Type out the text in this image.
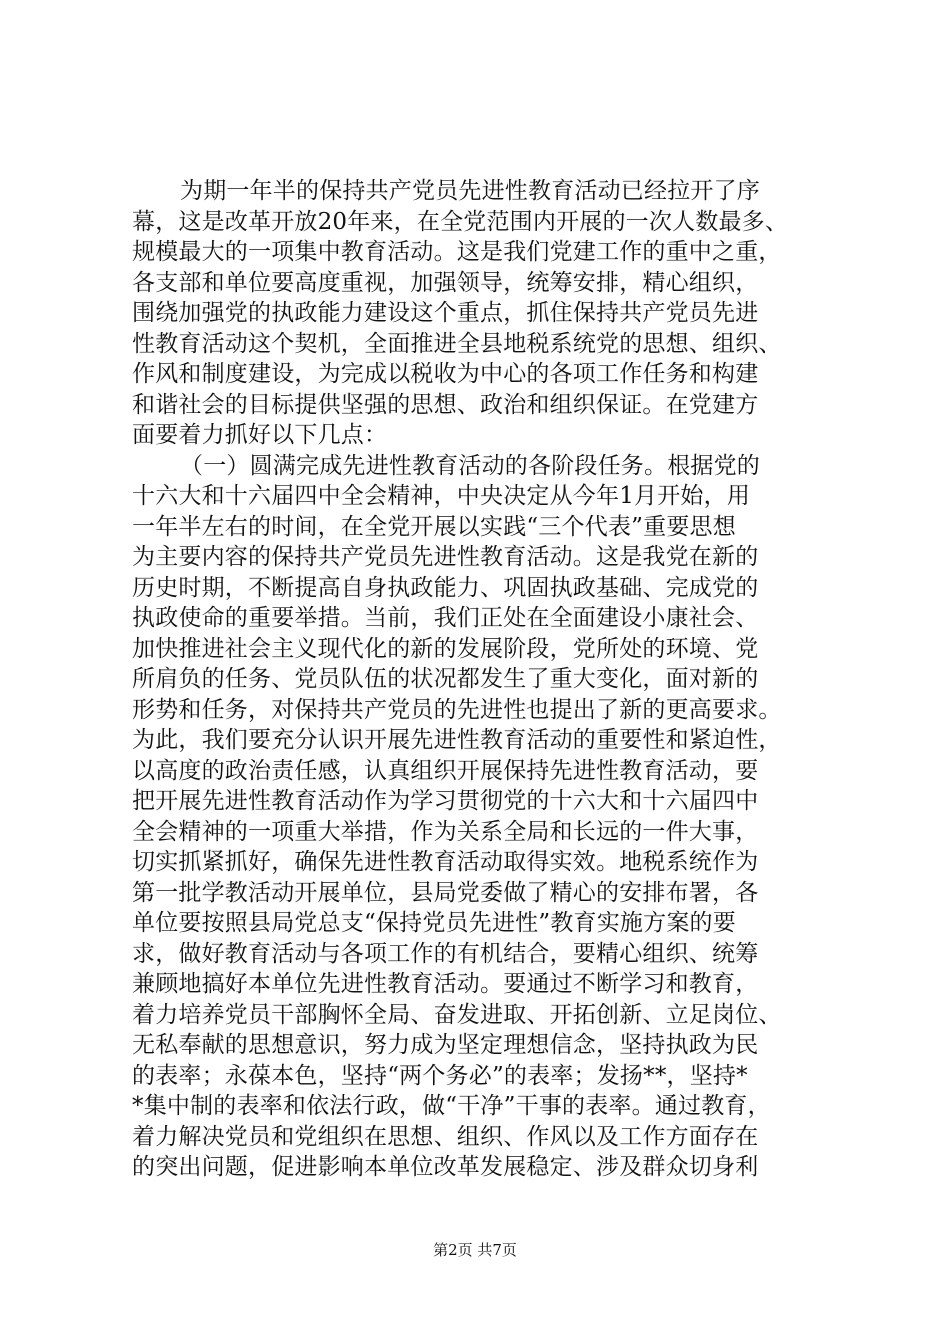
为期一年半的保持共产党员先进性教育活动已经拉开了序
幕，这是改革开放20年来，在全党范围内开展的一次人数最多、
规模最大的一项集中教育活动。这是我们党建工作的重中之重，
各支部和单位要高度重视，加强领导，统筹安排，精心组织，
围绕加强党的执政能力建设这个重点，抓住保持共产党员先进
性教育活动这个契机，全面推进全县地税系统党的思想、组织、
作风和制度建设，为完成以税收为中心的各项工作任务和构建
和谐社会的目标提供坚强的思想、政治和组织保证。在党建方
面要着力抓好以下几点：
（一）圆满完成先进性教育活动的各阶段任务。根据党的
十六大和十六届四中全会精神，中央决定从今年1月开始，用
一年半左右的时间，在全党开展以实践“三个代表”重要思想
为主要内容的保持共产党员先进性教育活动。这是我党在新的
历史时期，不断提高自身执政能力、巩固执政基础、完成党的
执政使命的重要举措。当前，我们正处在全面建设小康社会、
加快推进社会主义现代化的新的发展阶段，党所处的环境、党
所肩负的任务、党员队伍的状况都发生了重大变化，面对新的
形势和任务，对保持共产党员的先进性也提出了新的更高要求。
为此，我们要充分认识开展先进性教育活动的重要性和紧迫性，
以高度的政治责任感，认真组织开展保持先进性教育活动，要
把开展先进性教育活动作为学习贯彻党的十六大和十六届四中
全会精神的一项重大举措，作为关系全局和长远的一件大事，
切实抓紧抓好，确保先进性教育活动取得实效。地税系统作为
第一批学教活动开展单位，县局党委做了精心的安排布署，各
单位要按照县局党总支“保持党员先进性”教育实施方案的要
求，做好教育活动与各项工作的有机结合，要精心组织、统筹
兼顾地搞好本单位先进性教育活动。要通过不断学习和教育，
着力培养党员干部胸怀全局、奋发进取、开拓创新、立足岗位、
无私奉献的思想意识，努力成为坚定理想信念，坚持执政为民
的表率；永葆本色，坚持“两个务必”的表率；发扬**，坚持*
*集中制的表率和依法行政，做“干净”干事的表率。通过教育，
着力解决党员和党组织在思想、组织、作风以及工作方面存在
的突出问题，促进影响本单位改革发展稳定、涉及群众切身利
第2页 共7页
